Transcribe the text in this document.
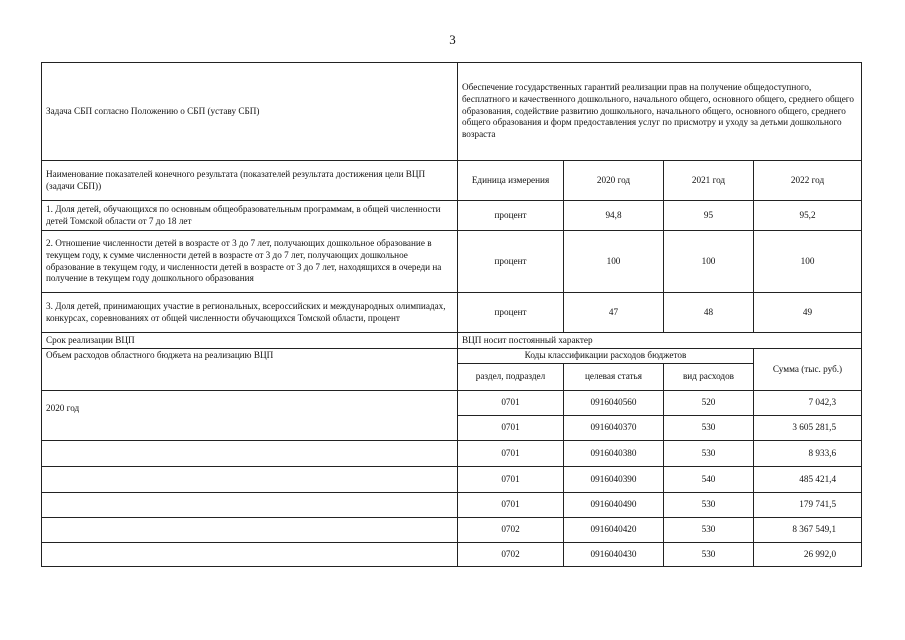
3
Задача СБП согласно Положению о СБП (уставу СБП)	Обеспечение государственных гарантий реализации прав на получение общедоступного, бесплатного и качественного дошкольного, начального общего, основного общего, среднего общего образования, содействие развитию дошкольного, начального общего, основного общего, среднего общего образования и форм предоставления услуг по присмотру и уходу за детьми дошкольного возраста			
Наименование показателей конечного результата (показателей результата достижения цели ВЦП (задачи СБП))	Единица измерения	2020 год	2021 год	2022 год
1. Доля детей, обучающихся по основным общеобразовательным программам, в общей численности детей Томской области от 7 до 18 лет	процент	94,8	95	95,2
2. Отношение численности детей в возрасте от 3 до 7 лет, получающих дошкольное образование в текущем году, к сумме численности детей в возрасте от 3 до 7 лет, получающих дошкольное образование в текущем году, и численности детей в возрасте от 3 до 7 лет, находящихся в очереди на получение в текущем году дошкольного образования	процент	100	100	100
3. Доля детей, принимающих участие в региональных, всероссийских и международных олимпиадах, конкурсах, соревнованиях от общей численности обучающихся Томской области, процент	процент	47	48	49
Срок реализации ВЦП	ВЦП носит постоянный характер			
Объем расходов областного бюджета на реализацию ВЦП	Коды классификации расходов бюджетов			Сумма (тыс. руб.)
	раздел, подраздел	целевая статья	вид расходов	
2020 год	0701	0916040560	520	7 042,3
	0701	0916040370	530	3 605 281,5
	0701	0916040380	530	8 933,6
	0701	0916040390	540	485 421,4
	0701	0916040490	530	179 741,5
	0702	0916040420	530	8 367 549,1
	0702	0916040430	530	26 992,0
